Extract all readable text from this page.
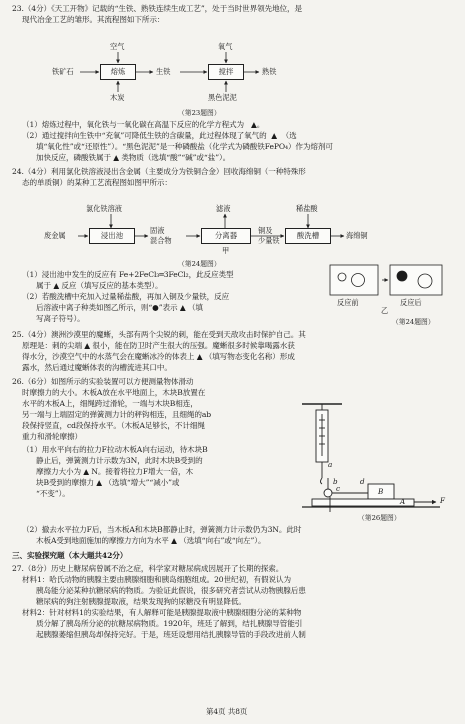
23.（4分）《天工开物》记载的“生铁、熟铁连续生成工艺”，处于当时世界领先地位，是
现代冶金工艺的雏形。其流程图如下所示：
铁矿石	熔炼	生铁	搅拌	熟铁
空气	氧气
木炭	黑色泥泥
（第23题图）
（1）熔炼过程中，氧化铁与一氧化碳在高温下反应的化学方程式为 ▲。
（2）通过搅拌向生铁中“充氧”可降低生铁的含碳量，此过程体现了氧气的 ▲ （选
填“氧化性”或“还原性”）。“黑色泥泥”是一种磷酸盐（化学式为磷酸铁FePO₄）作为熔剂可
加快反应，磷酸铁属于 ▲ 类物质（选填“酸”“碱”或“盐”）。
24.（4分）利用氯化铁溶液浸出含金属（主要成分为铁铜合金）回收海绵铜（一种特殊形
态的单质铜）的某种工艺流程图如图甲所示：
氯化铁溶液	滤液	稀盐酸
废金属	浸出池
固液
混合物
分离器
铜及
少量铁
酸洗槽	海绵铜
甲
（第24题图）
（1）浸出池中发生的反应有 Fe+2FeCl₃═3FeCl₂，此反应类型
属于 ▲ 反应（填写反应的基本类型）。
（2）若酸洗槽中充加入过量稀盐酸，再加入铜及少量铁，反应
后溶液中离子种类如图乙所示，则“●”表示 ▲ （填
写离子符号）。
反应前
乙
反应后
（第24题图）
25.（4分）澳洲沙漠里的魔蜥，头部有两个尖锐的刺，能在受到天敌攻击时保护自己。其
原理是：刺的尖端 ▲ 很小，能在防卫时产生很大的压强。魔蜥很多时候靠喝露水获
得水分，沙漠空气中的水蒸气会在魔蜥冰冷的体表上 ▲ （填写物态变化名称）形成
露水，然后通过魔蜥体表的沟槽流进其口中。
26.（6分）如图所示的实验装置可以方便测量物体滑动
时摩擦力的大小。木板A放在水平地面上，木块B放置在
水平的木板A上，细绳跨过滑轮，一端与木块B相连，
另一端与上端固定的弹簧测力计的秤钩相连，且细绳的ab
段保持竖直，cd段保持水平。（木板A足够长，不计细绳
重力和滑轮摩擦）
（1）用水平向右的拉力F拉动木板A向右运动，待木块B
静止后，弹簧测力计示数为3N，此时木块B受到的
摩擦力大小为 ▲ N。接着将拉力F增大一倍，木
块B受到的摩擦力 ▲ （选填“增大”“减小”或
“不变”）。
（2）撤去水平拉力F后，当木板A和木块B都静止时，弹簧测力计示数仍为3N。此时
木板A受到地面施加的摩擦力方向为水平 ▲ （选填“向右”或“向左”）。
a
b
c
d
B
A	F
（第26题图）
三、实验探究题（本大题共42分）
27.（8分）历史上糖尿病曾属不治之症，科学家对糖尿病成因展开了长期的探索。
材料1：哈氏动物的胰腺主要由胰腺细胞和胰岛细胞组成。20世纪初，有假说认为
胰岛能分泌某种抗糖尿病的物质。为验证此假说，很多研究者尝试从动物胰腺后患
糖尿病的狗注射胰腺提取液，结果发现狗的尿糖没有明显降低。
材料2：针对材料1的实验结果，有人解释可能是胰腺提取液中胰腺细胞分泌的某种物
质分解了胰岛所分泌的抗糖尿病物质。1920年，班廷了解到，结扎胰腺导管能引
起胰腺萎缩但胰岛却保持完好。于是，班廷设想用结扎胰腺导管的手段改进前人制
第4页 共8页
